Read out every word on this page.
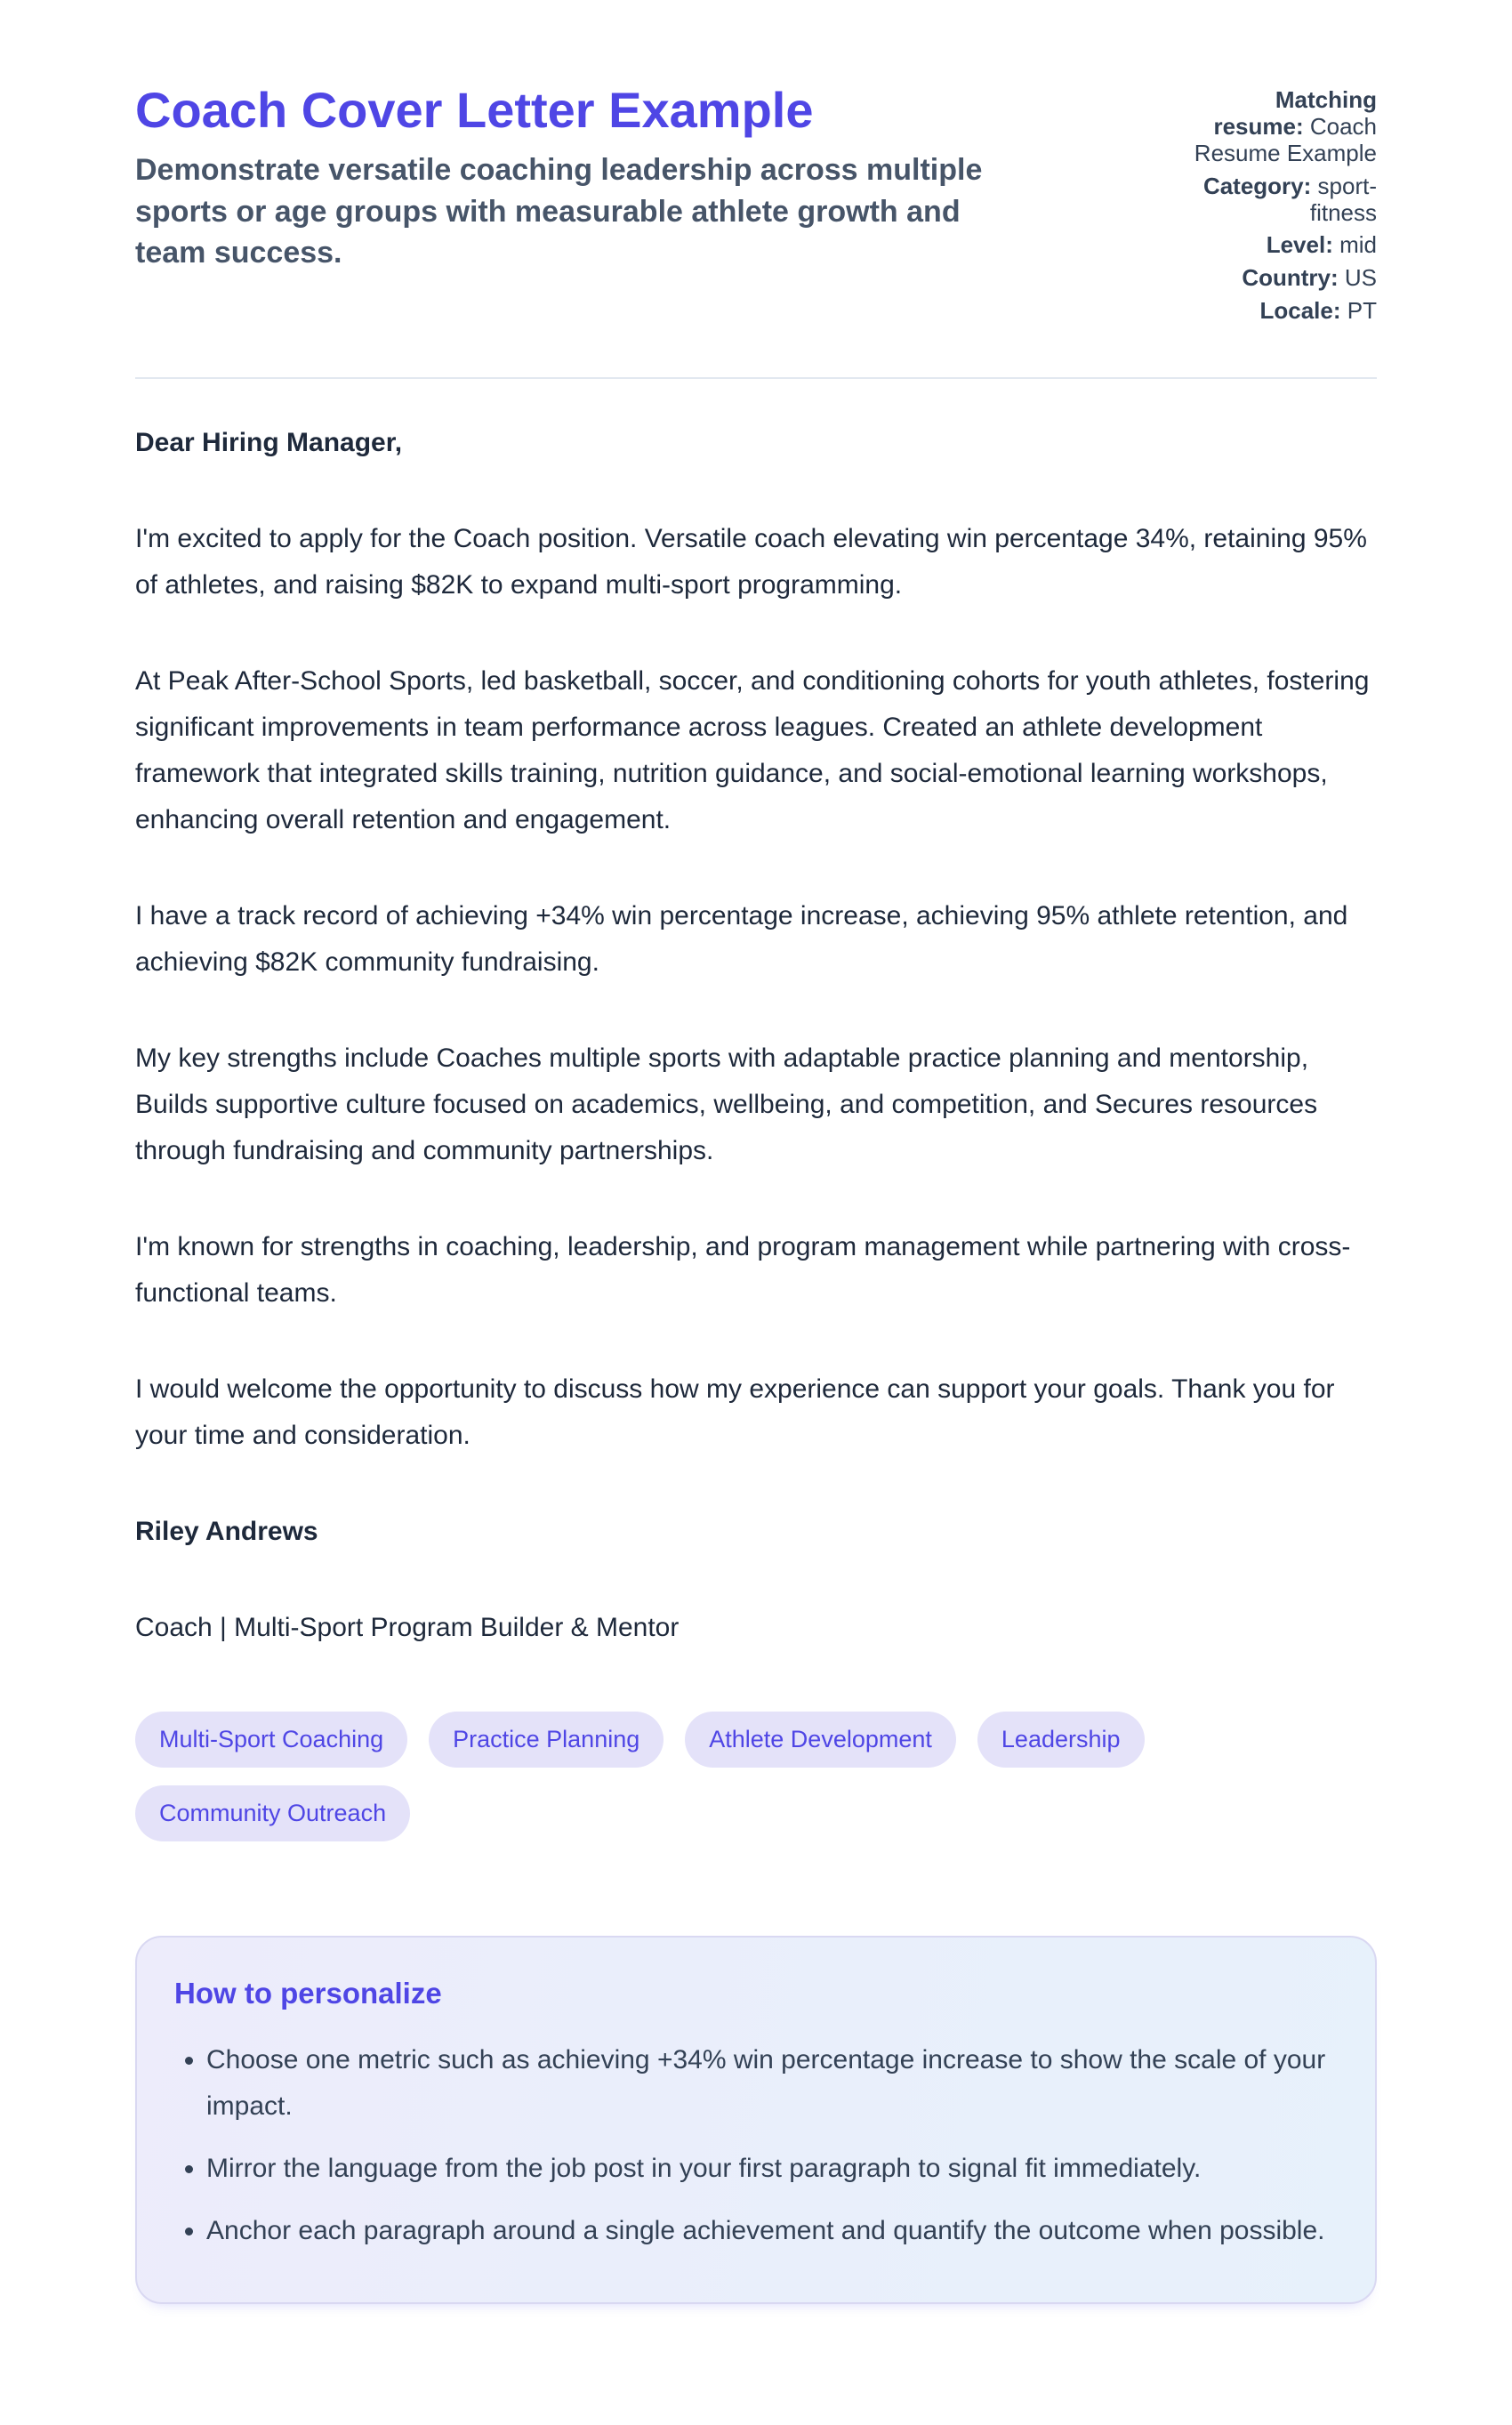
Coach Cover Letter Example

Demonstrate versatile coaching leadership across multiple sports or age groups with measurable athlete growth and team success.

Matching resume: Coach Resume Example
Category: sport-fitness
Level: mid
Country: US
Locale: PT

Dear Hiring Manager,

I'm excited to apply for the Coach position. Versatile coach elevating win percentage 34%, retaining 95% of athletes, and raising $82K to expand multi-sport programming.

At Peak After-School Sports, led basketball, soccer, and conditioning cohorts for youth athletes, fostering significant improvements in team performance across leagues. Created an athlete development framework that integrated skills training, nutrition guidance, and social-emotional learning workshops, enhancing overall retention and engagement.

I have a track record of achieving +34% win percentage increase, achieving 95% athlete retention, and achieving $82K community fundraising.

My key strengths include Coaches multiple sports with adaptable practice planning and mentorship, Builds supportive culture focused on academics, wellbeing, and competition, and Secures resources through fundraising and community partnerships.

I'm known for strengths in coaching, leadership, and program management while partnering with cross-functional teams.

I would welcome the opportunity to discuss how my experience can support your goals. Thank you for your time and consideration.

Riley Andrews

Coach | Multi-Sport Program Builder & Mentor

Multi-Sport Coaching	Practice Planning	Athlete Development	Leadership
Community Outreach
How to personalize
• Choose one metric such as achieving +34% win percentage increase to show the scale of your impact.
• Mirror the language from the job post in your first paragraph to signal fit immediately.
• Anchor each paragraph around a single achievement and quantify the outcome when possible.
